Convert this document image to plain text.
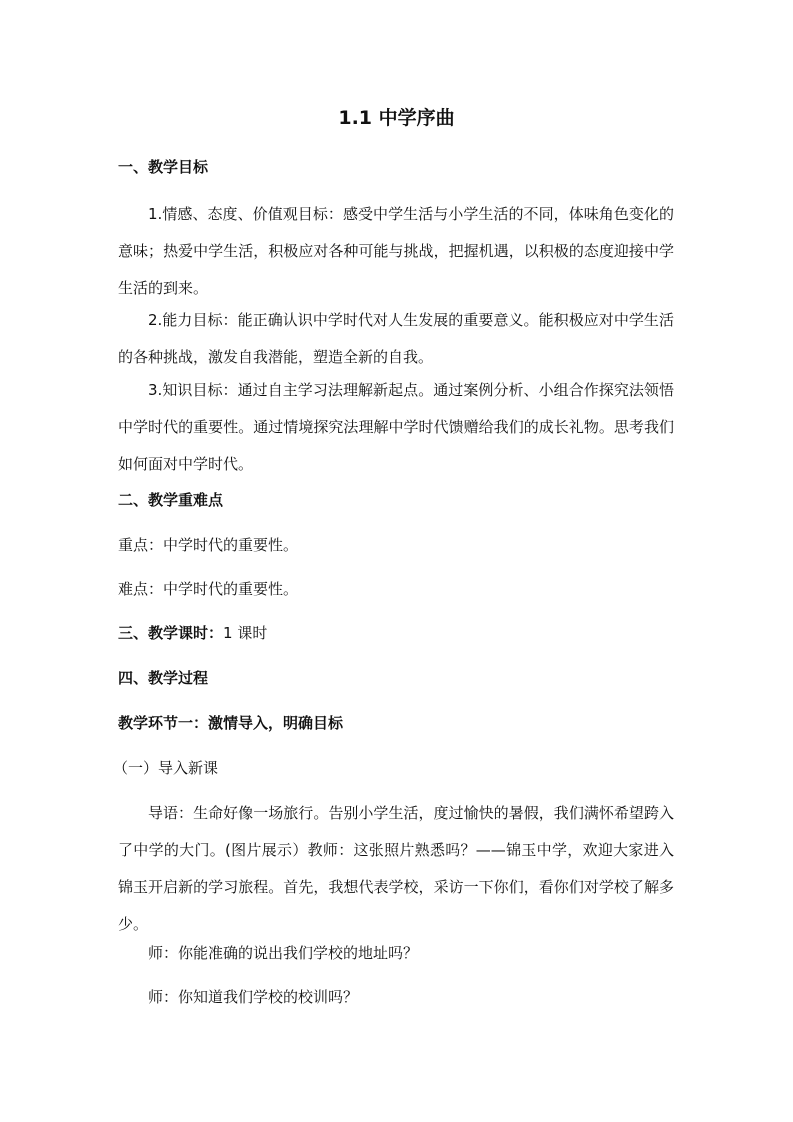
1.1 中学序曲
一、教学目标
1.情感、态度、价值观目标：感受中学生活与小学生活的不同，体味角色变化的意味；热爱中学生活，积极应对各种可能与挑战，把握机遇，以积极的态度迎接中学生活的到来。
2.能力目标：能正确认识中学时代对人生发展的重要意义。能积极应对中学生活的各种挑战，激发自我潜能，塑造全新的自我。
3.知识目标：通过自主学习法理解新起点。通过案例分析、小组合作探究法领悟中学时代的重要性。通过情境探究法理解中学时代馈赠给我们的成长礼物。思考我们如何面对中学时代。
二、教学重难点
重点：中学时代的重要性。
难点：中学时代的重要性。
三、教学课时：1 课时
四、教学过程
教学环节一：激情导入，明确目标
（一）导入新课
导语：生命好像一场旅行。告别小学生活，度过愉快的暑假，我们满怀希望跨入了中学的大门。(图片展示）教师：这张照片熟悉吗？——锦玉中学，欢迎大家进入锦玉开启新的学习旅程。首先，我想代表学校，采访一下你们，看你们对学校了解多少。
师：你能准确的说出我们学校的地址吗？
师：你知道我们学校的校训吗？
